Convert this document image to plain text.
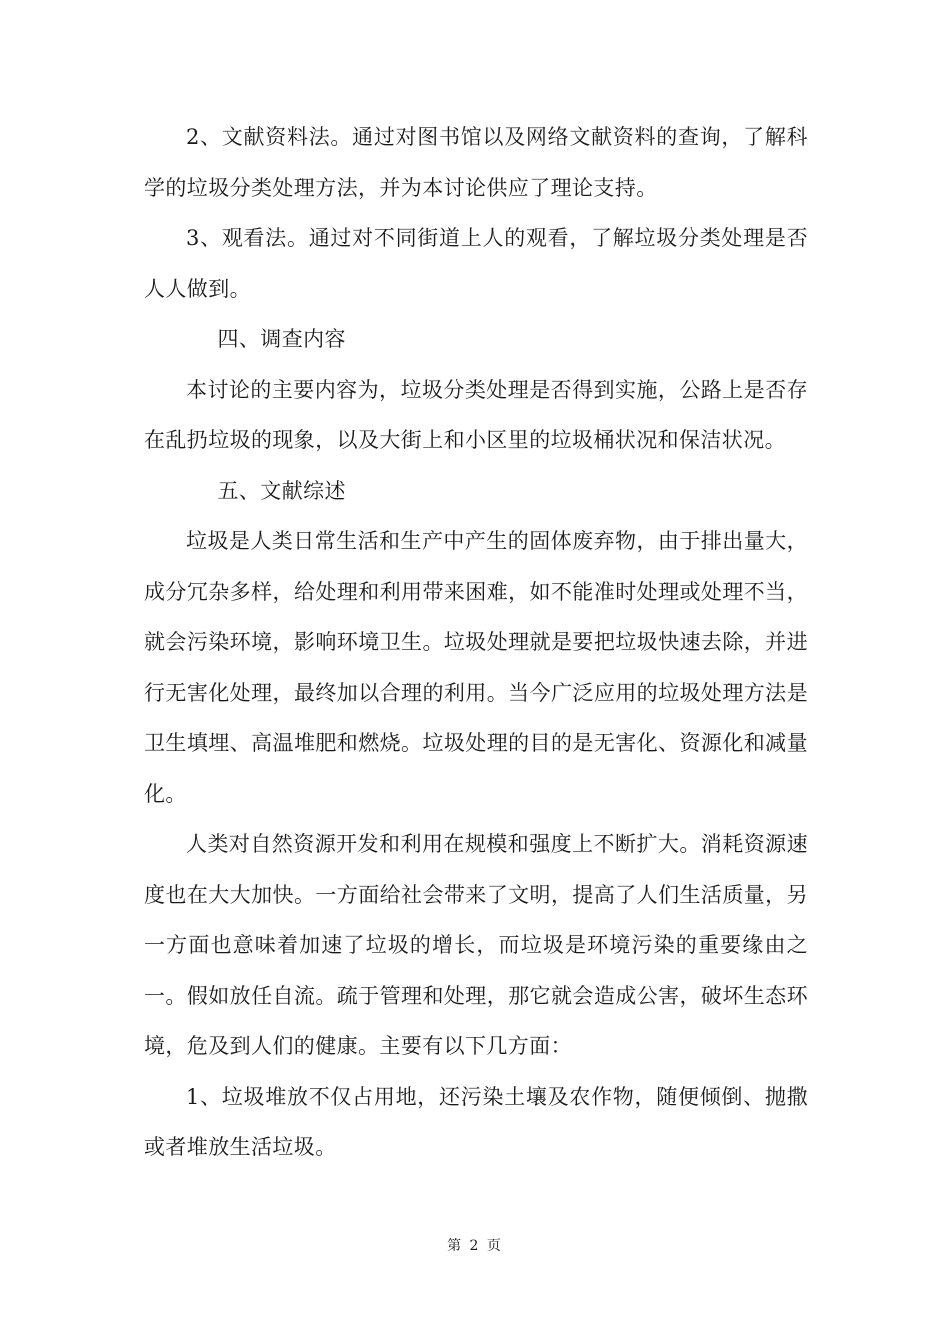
2、文献资料法。通过对图书馆以及网络文献资料的查询，了解科学的垃圾分类处理方法，并为本讨论供应了理论支持。

3、观看法。通过对不同街道上人的观看，了解垃圾分类处理是否人人做到。

四、调查内容

本讨论的主要内容为，垃圾分类处理是否得到实施，公路上是否存在乱扔垃圾的现象，以及大街上和小区里的垃圾桶状况和保洁状况。

五、文献综述

垃圾是人类日常生活和生产中产生的固体废弃物，由于排出量大，成分冗杂多样，给处理和利用带来困难，如不能准时处理或处理不当，就会污染环境，影响环境卫生。垃圾处理就是要把垃圾快速去除，并进行无害化处理，最终加以合理的利用。当今广泛应用的垃圾处理方法是卫生填埋、高温堆肥和燃烧。垃圾处理的目的是无害化、资源化和减量化。

人类对自然资源开发和利用在规模和强度上不断扩大。消耗资源速度也在大大加快。一方面给社会带来了文明，提高了人们生活质量，另一方面也意味着加速了垃圾的增长，而垃圾是环境污染的重要缘由之一。假如放任自流。疏于管理和处理，那它就会造成公害，破坏生态环境，危及到人们的健康。主要有以下几方面：

1、垃圾堆放不仅占用地，还污染土壤及农作物，随便倾倒、抛撒或者堆放生活垃圾。

第 2 页
